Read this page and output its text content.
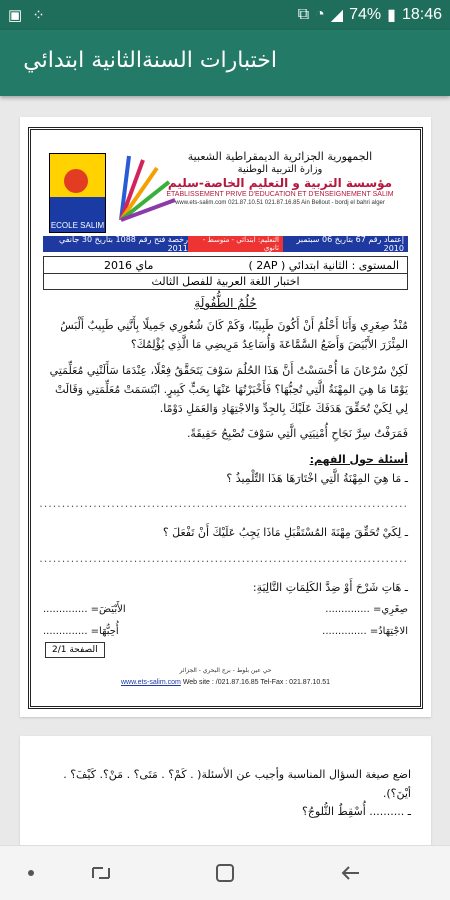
▣ ⁘	⧉ ◔ ◢ 74% ▮ 18:46
اختبارات السنةالثانية ابتدائي
ECOLE SALIM
الجمهورية الجزائرية الديمقراطية الشعبية
وزارة التربية الوطنية
مؤسسة التربية و التعليم الخاصة-سليم
ETABLISSEMENT PRIVE D'EDUCATION ET D'ENSEIGNEMENT SALIM
www.ets-salim.com 021.87.10.51 021.87.16.85 Ain Bellout - bordj el bahri alger
رخصة فتح رقم 1088 بتاريخ 30 جانفي 2011
التعليم: ابتدائي - متوسط - ثانوي
إعتماد رقم 67 بتاريخ 06 سبتمبر 2010
المستوى : الثانية ابتدائي ( 2AP )
ماي 2016
اختبار اللغة العربية للفصل الثالث
حُلُمُ الطُّفُولَةِ

مُنْذُ صِغَرِي وَأَنَا أَحْلُمُ أَنْ أَكُونَ طَبِيبًا، وَكَمْ كَانَ شُعُورِي جَمِيلًا بِأَنَّنِي طَبِيبٌ أَلْبَسُ المِئْزَرَ الأَبْيَضَ وَأَضَعُ السَّمَّاعَةَ وَأُسَاعِدُ مَرِيضِي مَا الَّذِي يُؤْلِمُكَ؟

لَكِنْ سُرْعَانَ مَا أُحْسَسْتُ أَنَّ هَذَا الحُلُمَ سَوْفَ يَتَحَقَّقُ فِعْلًا، عِنْدَمَا سَأَلَتْنِي مُعَلِّمَتِي يَوْمًا مَا هِيَ المِهْنَةُ الَّتِي تُحِبُّهَا؟ فَأَخْبَرْتُهَا عَنْهَا بِحَبٍّ كَبِيرٍ. ابْتَسَمَتْ مُعَلِّمَتِي وَقَالَتْ لِي لِكَيْ تُحَقِّقَ هَدَفَكَ عَلَيْكَ بِالجِدِّ وَالاجْتِهَادِ وَالعَمَلِ دَوْمًا.

فَمَرَفْتُ سِرَّ نَجَاحِ أُمْنِيَتِي الَّتِي سَوْفَ تُصْبِحُ حَقِيقَةً.

أسئلة حول الفهم:
ـ مَا هِيَ المِهْنَةُ الَّتِي اخْتَارَهَا هَذَا التِّلْمِيذُ ؟
..................................................................................
ـ لِكَيْ تُحَقِّقَ مِهْنَةَ المُسْتَقْبَلِ مَاذَا يَجِبُ عَلَيْكَ أَنْ تَفْعَلَ ؟
..................................................................................
ـ هَاتِ شَرْحَ أَوْ ضِدَّ الكَلِمَاتِ التَّالِيَةِ:
صِغَرِي= ..............
الأَبْيَضَ= ..............
الاجْتِهَادُ= ..............
أُحِبُّهَا= ..............
الصفحة 2/1
حي عين بلوط - برج البحري - الجزائر
www.ets-salim.com Web site : /021.87.16.85 Tel-Fax : 021.87.10.51
اضع صيغة السؤال المناسبة وأجيب عن الأسئلة( . كَمْ؟ . مَتَى؟ . مَنْ؟. كَيْفَ؟ .
أيْنَ؟).
ـ .......... أُسْقِطُ الثُّلوجُ؟
